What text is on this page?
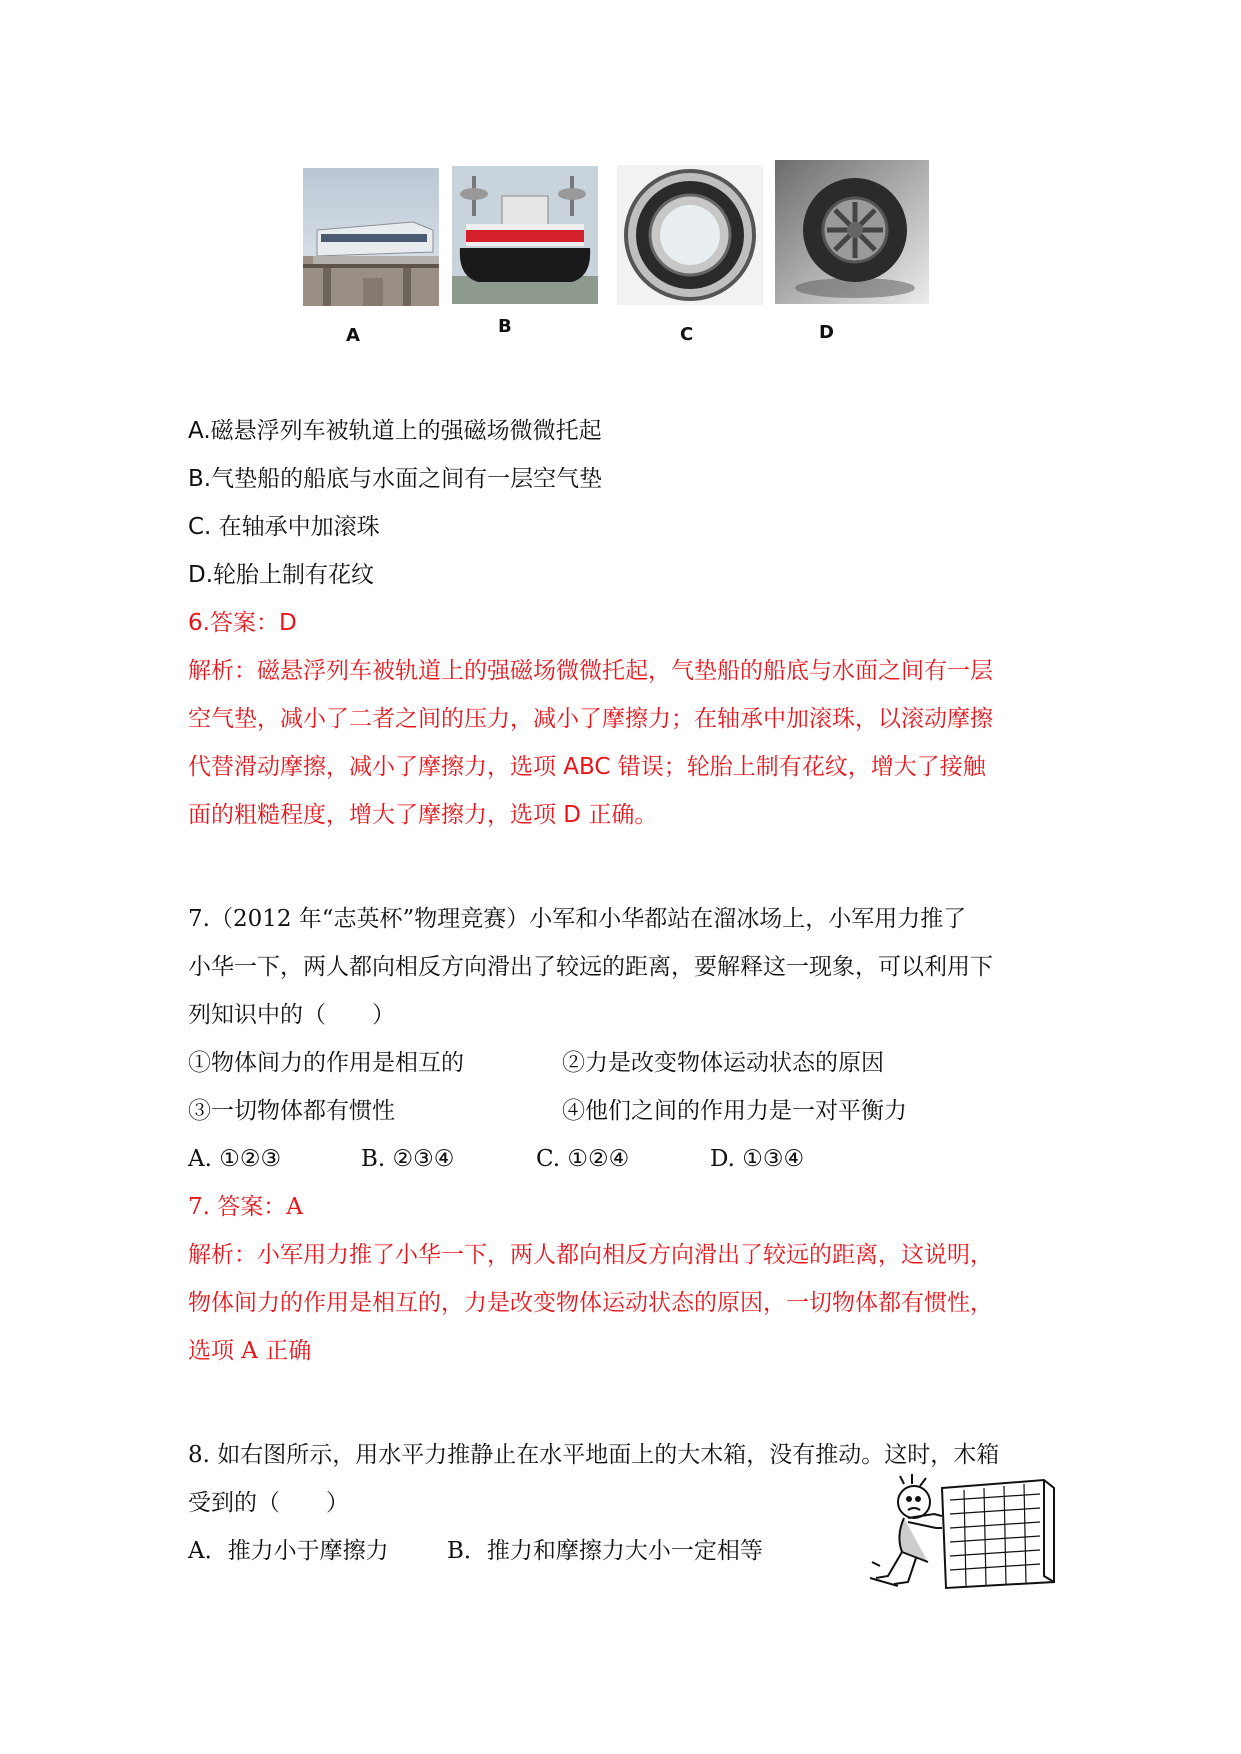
A	B	C	D
A.磁悬浮列车被轨道上的强磁场微微托起
B.气垫船的船底与水面之间有一层空气垫
C. 在轴承中加滚珠
D.轮胎上制有花纹
6.答案：D
解析：磁悬浮列车被轨道上的强磁场微微托起，气垫船的船底与水面之间有一层
空气垫，减小了二者之间的压力，减小了摩擦力；在轴承中加滚珠，以滚动摩擦
代替滑动摩擦，减小了摩擦力，选项 ABC 错误；轮胎上制有花纹，增大了接触
面的粗糙程度，增大了摩擦力，选项 D 正确。
7.（2012 年“志英杯”物理竞赛）小军和小华都站在溜冰场上，小军用力推了
小华一下，两人都向相反方向滑出了较远的距离，要解释这一现象，可以利用下
列知识中的（　　）
①物体间力的作用是相互的	②力是改变物体运动状态的原因
③一切物体都有惯性	④他们之间的作用力是一对平衡力
A. ①②③	B. ②③④	C. ①②④	D. ①③④
7. 答案：A
解析：小军用力推了小华一下，两人都向相反方向滑出了较远的距离，这说明，
物体间力的作用是相互的，力是改变物体运动状态的原因，一切物体都有惯性，
选项 A 正确
8. 如右图所示，用水平力推静止在水平地面上的大木箱，没有推动。这时，木箱
受到的（　　）
A．推力小于摩擦力	B．推力和摩擦力大小一定相等
